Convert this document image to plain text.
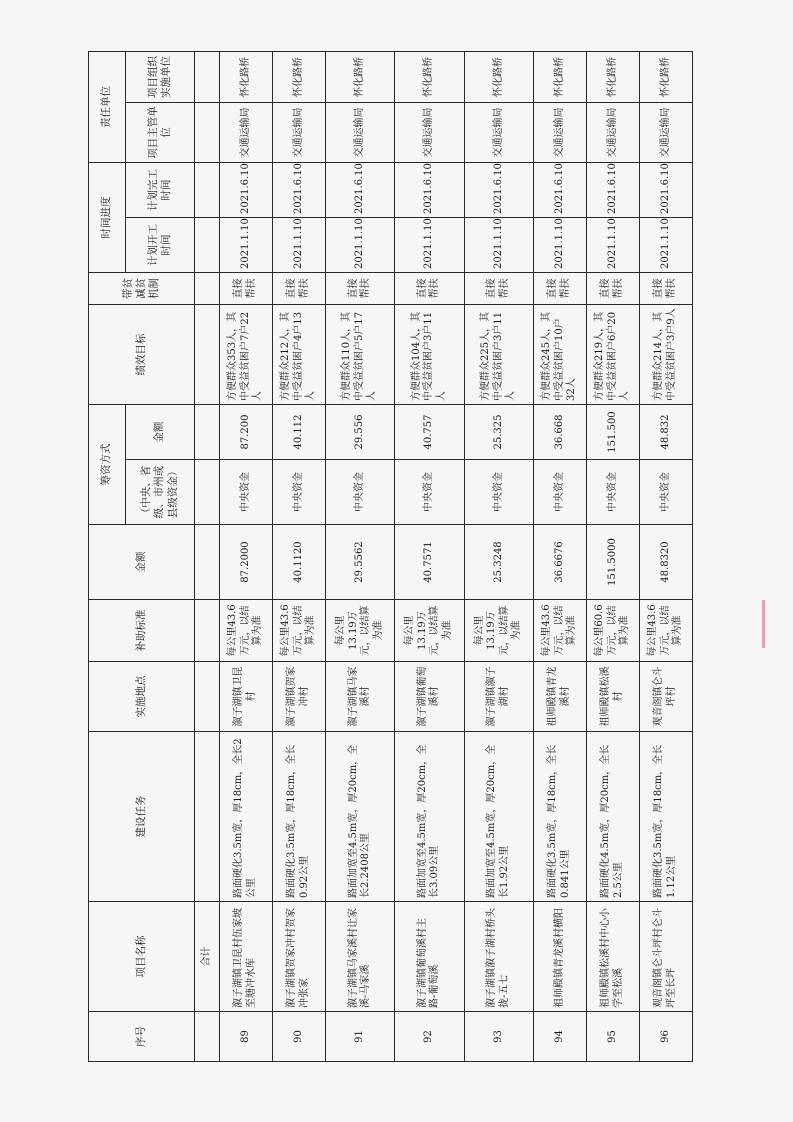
序号	项目名称	建设任务	实施地点	补助标准	金额	筹资方式		绩效目标	带贫减贫机制	时间进度		责任单位	
						（中央、省级、市州或县级资金）	金额			计划开工时间	计划完工时间	项目主管单位	项目组织实施单位
	合计												
89	溆子湖镇卫昆村伍家坡至塘冲水库	路面硬化3.5m宽，厚18cm，全长2公里	溆子湖镇卫昆村	每公里43.6万元，以结算为准	87.2000	中央资金	87.200	方便群众353人，其中受益贫困户7户22人	直接帮扶	2021.1.10	2021.6.10	交通运输局	怀化路桥
90	溆子湖镇贺家冲村贺家冲张家	路面硬化3.5m宽，厚18cm，全长0.92公里	溆子湖镇贺家冲村	每公里43.6万元，以结算为准	40.1120	中央资金	40.112	方便群众212人，其中受益贫困户4户13人	直接帮扶	2021.1.10	2021.6.10	交通运输局	怀化路桥
91	溆子湖镇马家溪村让家溪-马家溪	路面加宽至4.5m宽，厚20cm，全长2.2408公里	溆子湖镇马家溪村	每公里13.19万元，以结算为准	29.5562	中央资金	29.556	方便群众110人，其中受益贫困户5户17人	直接帮扶	2021.1.10	2021.6.10	交通运输局	怀化路桥
92	溆子湖镇葡萄溪村主路-葡萄溪	路面加宽至4.5m宽，厚20cm，全长3.09公里	溆子湖镇葡萄溪村	每公里13.19万元，以结算为准	40.7571	中央资金	40.757	方便群众104人，其中受益贫困户3户11人	直接帮扶	2021.1.10	2021.6.10	交通运输局	怀化路桥
93	溆子湖镇溆子湖村桥头拢-五七	路面加宽至4.5m宽，厚20cm，全长1.92公里	溆子湖镇溆子湖村	每公里13.19万元，以结算为准	25.3248	中央资金	25.325	方便群众225人，其中受益贫困户3户11人	直接帮扶	2021.1.10	2021.6.10	交通运输局	怀化路桥
94	祖师殿镇青龙溪村横阳	路面硬化3.5m宽，厚18cm，全长0.841公里	祖师殿镇青龙溪村	每公里43.6万元，以结算为准	36.6676	中央资金	36.668	方便群众245人，其中受益贫困户10户32人	直接帮扶	2021.1.10	2021.6.10	交通运输局	怀化路桥
95	祖师殿镇松溪村中心小学至松溪	路面硬化4.5m宽，厚20cm，全长2.5公里	祖师殿镇松溪村	每公里60.6万元，以结算为准	151.5000	中央资金	151.500	方便群众219人，其中受益贫困户6户20人	直接帮扶	2021.1.10	2021.6.10	交通运输局	怀化路桥
96	观音阁镇仑斗坪村仑斗坪至长坪	路面硬化3.5m宽，厚18cm，全长1.12公里	观音阁镇仑斗坪村	每公里43.6万元，以结算为准	48.8320	中央资金	48.832	方便群众214人，其中受益贫困户3户9人	直接帮扶	2021.1.10	2021.6.10	交通运输局	怀化路桥
